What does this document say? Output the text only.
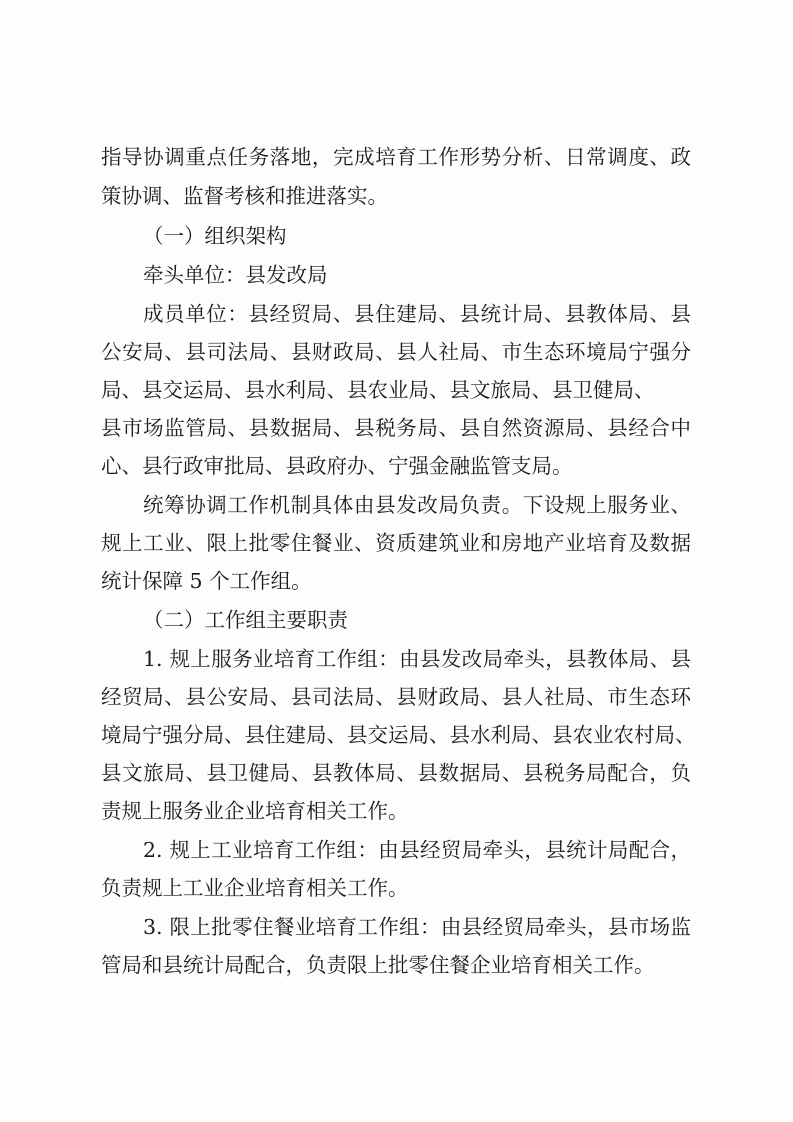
指导协调重点任务落地，完成培育工作形势分析、日常调度、政
策协调、监督考核和推进落实。
（一）组织架构
牵头单位：县发改局
成员单位：县经贸局、县住建局、县统计局、县教体局、县
公安局、县司法局、县财政局、县人社局、市生态环境局宁强分
局、县交运局、县水利局、县农业局、县文旅局、县卫健局、
县市场监管局、县数据局、县税务局、县自然资源局、县经合中
心、县行政审批局、县政府办、宁强金融监管支局。
统筹协调工作机制具体由县发改局负责。下设规上服务业、
规上工业、限上批零住餐业、资质建筑业和房地产业培育及数据
统计保障 5 个工作组。
（二）工作组主要职责
1. 规上服务业培育工作组：由县发改局牵头，县教体局、县
经贸局、县公安局、县司法局、县财政局、县人社局、市生态环
境局宁强分局、县住建局、县交运局、县水利局、县农业农村局、
县文旅局、县卫健局、县教体局、县数据局、县税务局配合，负
责规上服务业企业培育相关工作。
2. 规上工业培育工作组：由县经贸局牵头，县统计局配合，
负责规上工业企业培育相关工作。
3. 限上批零住餐业培育工作组：由县经贸局牵头，县市场监
管局和县统计局配合，负责限上批零住餐企业培育相关工作。
